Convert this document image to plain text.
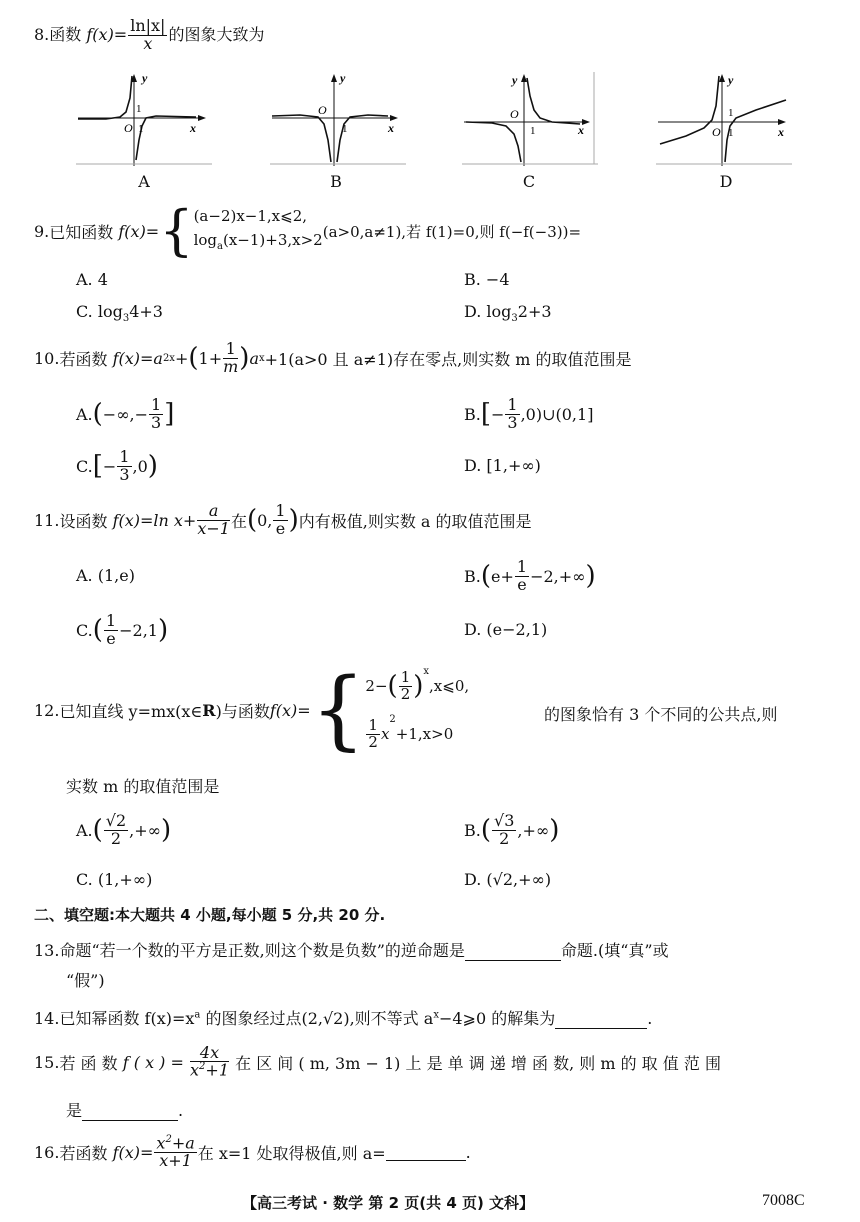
8.函数 $f(x)= \frac{\ln|x|}{x}$ 的图象大致为
y
O 1
1
x
A
y
O
1	x
B
y
O
1	x
C
y
O 1
1
x
D
9. 已知函数
f(x)= { (a−2)x−1,x⩽2,
$\log_a(x-1)+3,x>2$ (a>0,a≠1),若 f(1)=0,则 f(−f(−3))=
A. 4	B. −4
C. $\log_34+3$	D. $\log_32+3$
10. 若函数
f(x)=a 2x + ( $1+ \frac{1}{m}$ ) a x +1(a>0 且 a≠1)存在零点,则实数 m 的取值范围是
A. ( −∞,− $\frac{1}{3}$ ]	B. [ − $\frac{1}{3}$ ,0)∪(0,1]
C. [ − $\frac{1}{3} ,0$ )	D. [1,+∞)
11. 设函数
f(x)=ln $x+ \frac{a}{x-1}$ 在 ( 0, $\frac{1}{e}$ ) 内有极值,则实数 a 的取值范围是
A. (1,e)	B. ( $e+ \frac{1}{e} -2,+\infty$ )
C. ( $\frac{1}{e} -2,1$ )	D. (e−2,1)
12. 已知直线 y=mx(x∈ R )与函数 f(x)= { 2− ( $\frac{1}{2} )^x$
,x⩽0,
$\frac{1}{2}$ x
$^2$
+1,x>0
的图象恰有 3 个不同的公共点,则
实数 m 的取值范围是
A. ( $\frac{√2}{2}$ ,+∞ )	B. ( $\frac{√3}{2}$ ,+∞ )
C. (1,+∞)	D. (√2,+∞)
二、填空题:本大题共 4 小题,每小题 5 分,共 20 分.
13.命题“若一个数的平方是正数,则这个数是负数”的逆命题是	命题.(填“真”或
“假”)
14.已知幂函数 $f(x)=x^a$ 的图象经过点(2,√2),则不等式 $a^x-4⩾0$ 的解集为	.
15. 若 函 数
f ( x ) =
$\frac{4x}{x^2+1}$
在 区 间 ( m, 3m − 1) 上 是 单 调 递 增 函 数, 则 m 的 取 值 范 围
是	.
16. 若函数
$f(x)= \frac{x^2+a}{x+1}$ 在 x=1 处取得极值,则 a=	.
【高三考试 · 数学 第 2 页(共 4 页) 文科】	7008C
